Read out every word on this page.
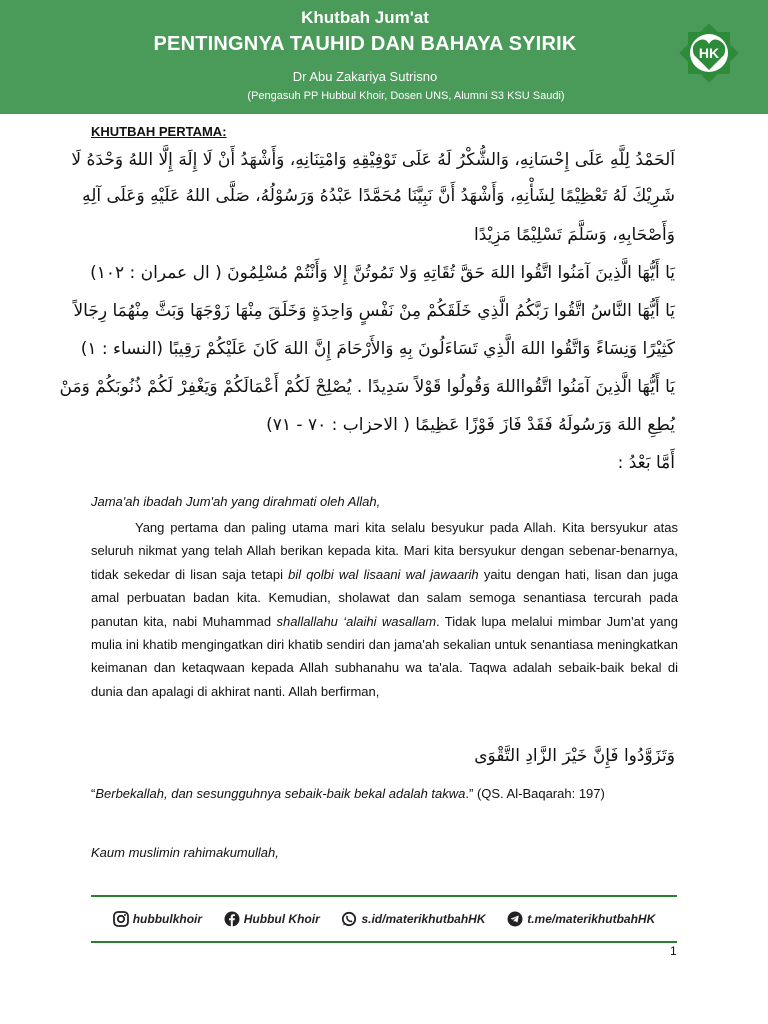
Khutbah Jum'at
PENTINGNYA TAUHID DAN BAHAYA SYIRIK
Dr Abu Zakariya Sutrisno
(Pengasuh PP Hubbul Khoir, Dosen UNS, Alumni S3 KSU Saudi)
HK
KHUTBAH PERTAMA:
اَلحَمْدُ لِلَّهِ عَلَى إِحْسَانِهِ، وَالشُّكْرُ لَهُ عَلَى تَوْفِيْقِهِ وَامْتِنَانِهِ، وَأَشْهَدُ أَنْ لَا إِلَهَ إِلَّا اللهُ وَحْدَهُ لَا
شَرِيْكَ لَهُ تَعْظِيْمًا لِشَأْنِهِ، وَأَشْهَدُ أَنَّ نَبِيَّنَا مُحَمَّدًا عَبْدُهُ وَرَسُوْلُهُ، صَلَّى اللهُ عَلَيْهِ وَعَلَى آلِهِ
وَأَصْحَابِهِ، وَسَلَّمَ تَسْلِيْمًا مَزِيْدًا
يَا أَيُّهَا الَّذِينَ آمَنُوا اتَّقُوا اللهَ حَقَّ تُقَاتِهِ وَلا تَمُوتُنَّ إِلا وَأَنْتُمْ مُسْلِمُونَ ( ال عمران : ١٠٢)
يَا أَيُّهَا النَّاسُ اتَّقُوا رَبَّكُمُ الَّذِي خَلَقَكُمْ مِنْ نَفْسٍ وَاحِدَةٍ وَخَلَقَ مِنْهَا زَوْجَهَا وَبَثَّ مِنْهُمَا رِجَالاً
كَثِيْرًا وَنِسَاءً وَاتَّقُوا اللهَ الَّذِي تَسَاءَلُونَ بِهِ وَالأَرْحَامَ إِنَّ اللهَ كَانَ عَلَيْكُمْ رَقِيبًا (النساء : ١)
يَا أَيُّهَا الَّذِينَ آمَنُوا اتَّقُوااللهَ وَقُولُوا قَوْلاً سَدِيدًا . يُصْلِحْ لَكُمْ أَعْمَالَكُمْ وَيَغْفِرْ لَكُمْ ذُنُوبَكُمْ وَمَنْ
يُطِعِ اللهَ وَرَسُولَهُ فَقَدْ فَازَ فَوْزًا عَظِيمًا ( الاحزاب : ٧٠ - ٧١)
أَمَّا بَعْدُ :
Jama'ah ibadah Jum'ah yang dirahmati oleh Allah,
Yang pertama dan paling utama mari kita selalu besyukur pada Allah. Kita bersyukur atas seluruh nikmat yang telah Allah berikan kepada kita. Mari kita bersyukur dengan sebenar-benarnya, tidak sekedar di lisan saja tetapi bil qolbi wal lisaani wal jawaarih yaitu dengan hati, lisan dan juga amal perbuatan badan kita. Kemudian, sholawat dan salam semoga senantiasa tercurah pada panutan kita, nabi Muhammad shallallahu ‘alaihi wasallam. Tidak lupa melalui mimbar Jum'at yang mulia ini khatib mengingatkan diri khatib sendiri dan jama'ah sekalian untuk senantiasa meningkatkan keimanan dan ketaqwaan kepada Allah subhanahu wa ta'ala. Taqwa adalah sebaik-baik bekal di dunia dan apalagi di akhirat nanti. Allah berfirman,
وَتَزَوَّدُوا فَإِنَّ خَيْرَ الزَّادِ التَّقْوَى
“Berbekallah, dan sesungguhnya sebaik-baik bekal adalah takwa.” (QS. Al-Baqarah: 197)
Kaum muslimin rahimakumullah,
hubbulkhoir	Hubbul Khoir	s.id/materikhutbahHK	t.me/materikhutbahHK
1
